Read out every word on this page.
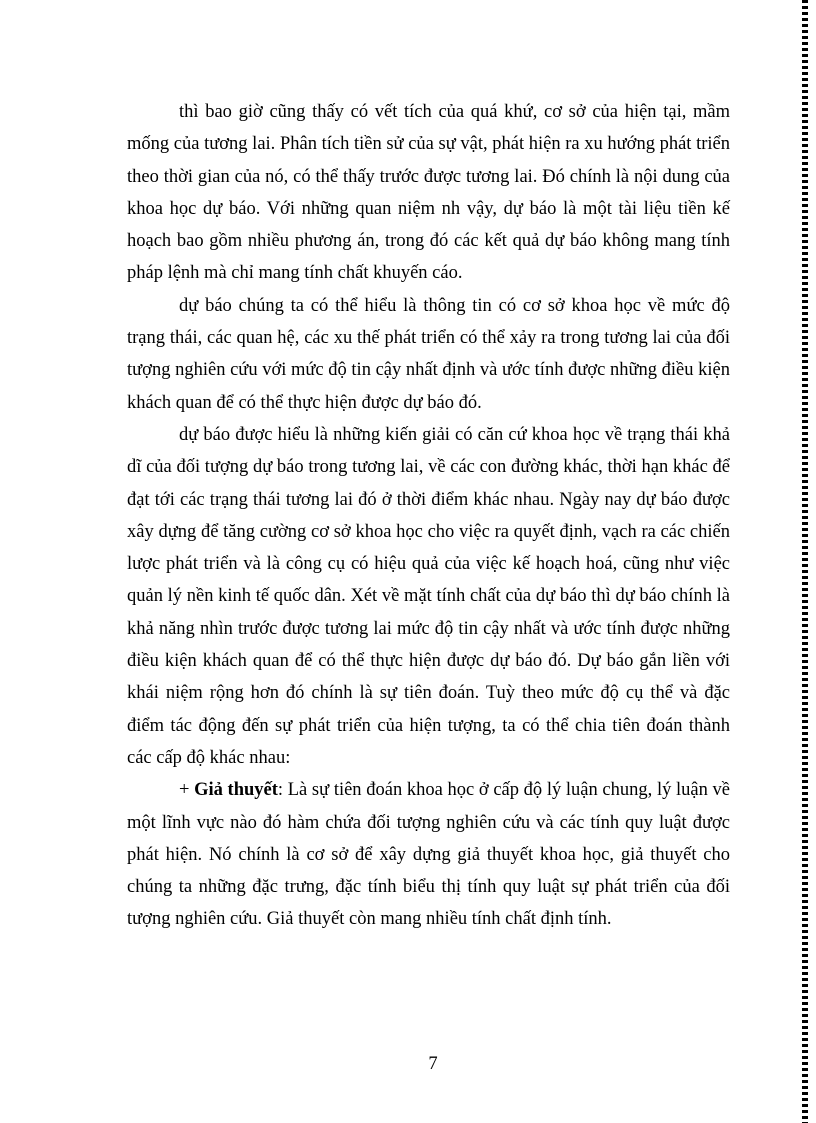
thì bao giờ cũng thấy có vết tích của quá khứ, cơ sở của hiện tại, mầm mống của tương lai. Phân tích tiền sử của sự vật, phát hiện ra xu hướng phát triển theo thời gian của nó, có thể thấy trước được tương lai. Đó chính là nội dung của khoa học dự báo. Với những quan niệm nh vậy, dự báo là một tài liệu tiền kế hoạch bao gồm nhiều phương án, trong đó các kết quả dự báo không mang tính pháp lệnh mà chỉ mang tính chất khuyến cáo.

dự báo chúng ta có thể hiểu là thông tin có cơ sở khoa học về mức độ trạng thái, các quan hệ, các xu thế phát triển có thể xảy ra trong tương lai của đối tượng nghiên cứu với mức độ tin cậy nhất định và ước tính được những điều kiện khách quan để có thể thực hiện được dự báo đó.

dự báo được hiểu là những kiến giải có căn cứ khoa học về trạng thái khả dĩ của đối tượng dự báo trong tương lai, về các con đường khác, thời hạn khác để đạt tới các trạng thái tương lai đó ở thời điểm khác nhau. Ngày nay dự báo được xây dựng để tăng cường cơ sở khoa học cho việc ra quyết định, vạch ra các chiến lược phát triển và là công cụ có hiệu quả của việc kế hoạch hoá, cũng như việc quản lý nền kinh tế quốc dân. Xét về mặt tính chất của dự báo thì dự báo chính là khả năng nhìn trước được tương lai mức độ tin cậy nhất và ước tính được những điều kiện khách quan để có thể thực hiện được dự báo đó. Dự báo gắn liền với khái niệm rộng hơn đó chính là sự tiên đoán. Tuỳ theo mức độ cụ thể và đặc điểm tác động đến sự phát triển của hiện tượng, ta có thể chia tiên đoán thành các cấp độ khác nhau:

+ Giả thuyết: Là sự tiên đoán khoa học ở cấp độ lý luận chung, lý luận về một lĩnh vực nào đó hàm chứa đối tượng nghiên cứu và các tính quy luật được phát hiện. Nó chính là cơ sở để xây dựng giả thuyết khoa học, giả thuyết cho chúng ta những đặc trưng, đặc tính biểu thị tính quy luật sự phát triển của đối tượng nghiên cứu. Giả thuyết còn mang nhiều tính chất định tính.

7
